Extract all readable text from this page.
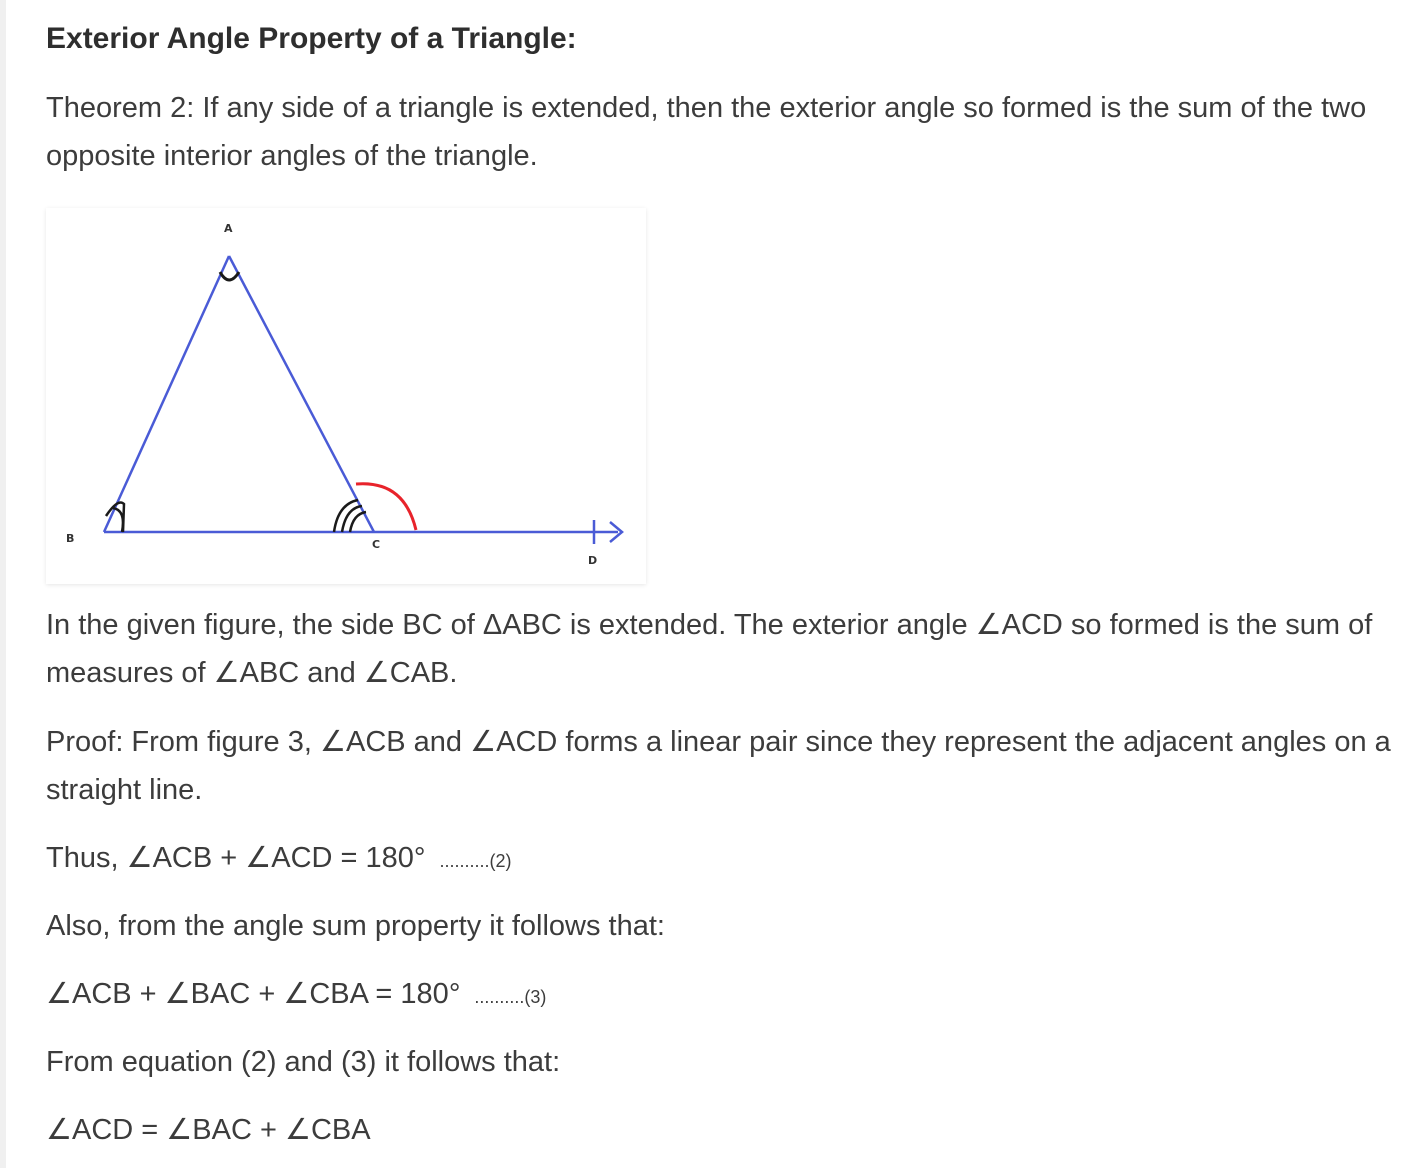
Exterior Angle Property of a Triangle:

Theorem 2: If any side of a triangle is extended, then the exterior angle so formed is the sum of the two opposite interior angles of the triangle.

In the given figure, the side BC of ΔABC is extended. The exterior angle ∠ACD so formed is the sum of measures of ∠ABC and ∠CAB.

Proof: From figure 3, ∠ACB and ∠ACD forms a linear pair since they represent the adjacent angles on a straight line.

Thus, ∠ACB + ∠ACD = 180° ..........(2)

Also, from the angle sum property it follows that:

∠ACB + ∠BAC + ∠CBA = 180° ..........(3)

From equation (2) and (3) it follows that:

∠ACD = ∠BAC + ∠CBA

A
B	C
D
